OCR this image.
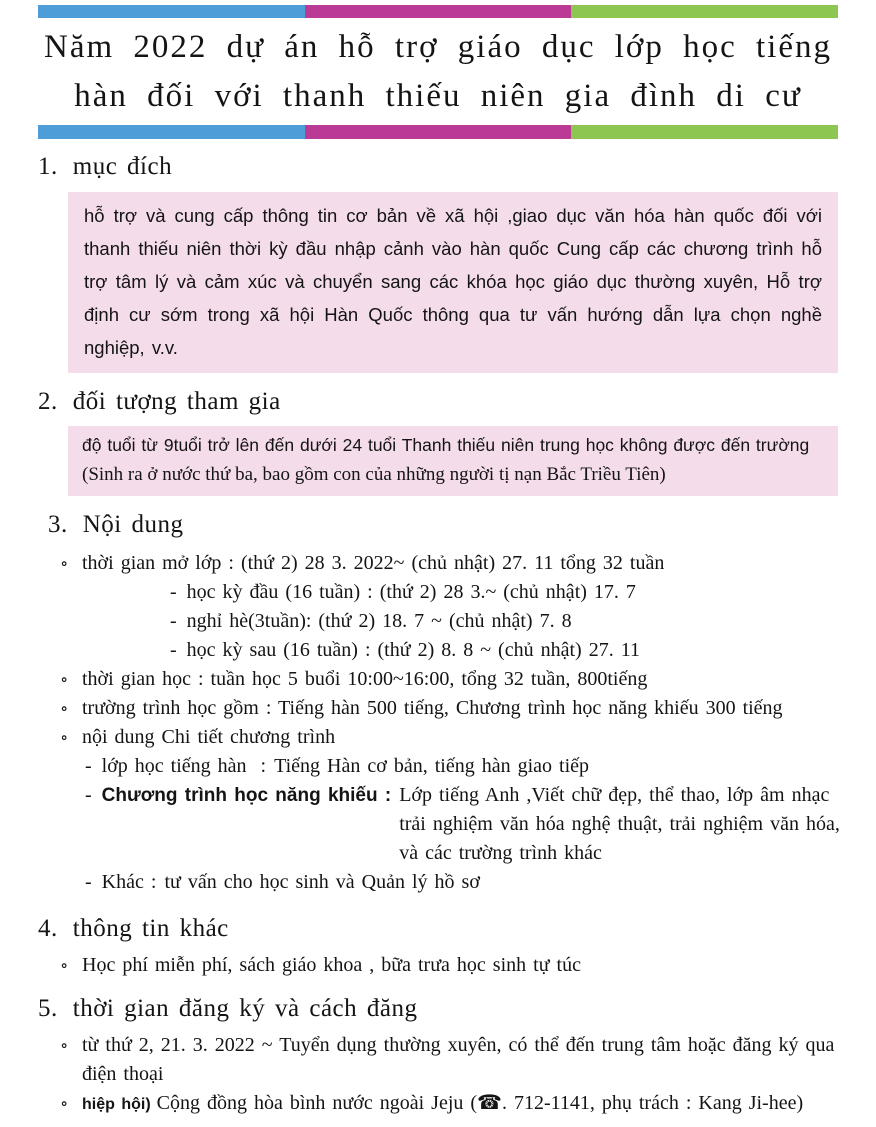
Năm 2022 dự án hỗ trợ giáo dục lớp học tiếng
hàn đối với thanh thiếu niên gia đình di cư
1. mục đích
hỗ trợ và cung cấp thông tin cơ bản về xã hội ,giao dục văn hóa hàn quốc đối với thanh thiếu niên thời kỳ đầu nhập cảnh vào hàn quốc Cung cấp các chương trình hỗ trợ tâm lý và cảm xúc và chuyển sang các khóa học giáo dục thường xuyên, Hỗ trợ định cư sớm trong xã hội Hàn Quốc thông qua tư vấn hướng dẫn lựa chọn nghề nghiệp, v.v.
2. đối tượng tham gia
độ tuổi từ 9tuổi trở lên đến dưới 24 tuổi Thanh thiếu niên trung học không được đến trường
(Sinh ra ở nước thứ ba, bao gồm con của những người tị nạn Bắc Triều Tiên)
3. Nội dung
∘ thời gian mở lớp : (thứ 2) 28 3. 2022~ (chủ nhật) 27. 11 tổng 32 tuần
- học kỳ đầu (16 tuần) : (thứ 2) 28 3.~ (chủ nhật) 17. 7
- nghỉ hè(3tuần): (thứ 2) 18. 7 ~ (chủ nhật) 7. 8
- học kỳ sau (16 tuần) : (thứ 2) 8. 8 ~ (chủ nhật) 27. 11
∘ thời gian học : tuần học 5 buổi 10:00~16:00, tổng 32 tuần, 800tiếng
∘ trường trình học gồm : Tiếng hàn 500 tiếng, Chương trình học năng khiếu 300 tiếng
∘ nội dung Chi tiết chương trình
- lớp học tiếng hàn  : Tiếng Hàn cơ bản, tiếng hàn giao tiếp
- Chương trình học năng khiếu : Lớp tiếng Anh ,Viết chữ đẹp, thể thao, lớp âm nhạc trải nghiệm văn hóa nghệ thuật, trải nghiệm văn hóa, và các trường trình khác
- Khác : tư vấn cho học sinh và Quản lý hồ sơ
4. thông tin khác
∘ Học phí miễn phí, sách giáo khoa , bữa trưa học sinh tự túc
5. thời gian đăng ký và cách đăng
∘ từ thứ 2, 21. 3. 2022 ~ Tuyển dụng thường xuyên, có thể đến trung tâm hoặc đăng ký qua điện thoại
∘ hiệp hội) Cộng đồng hòa bình nước ngoài Jeju (☎. 712-1141, phụ trách : Kang Ji-hee)
